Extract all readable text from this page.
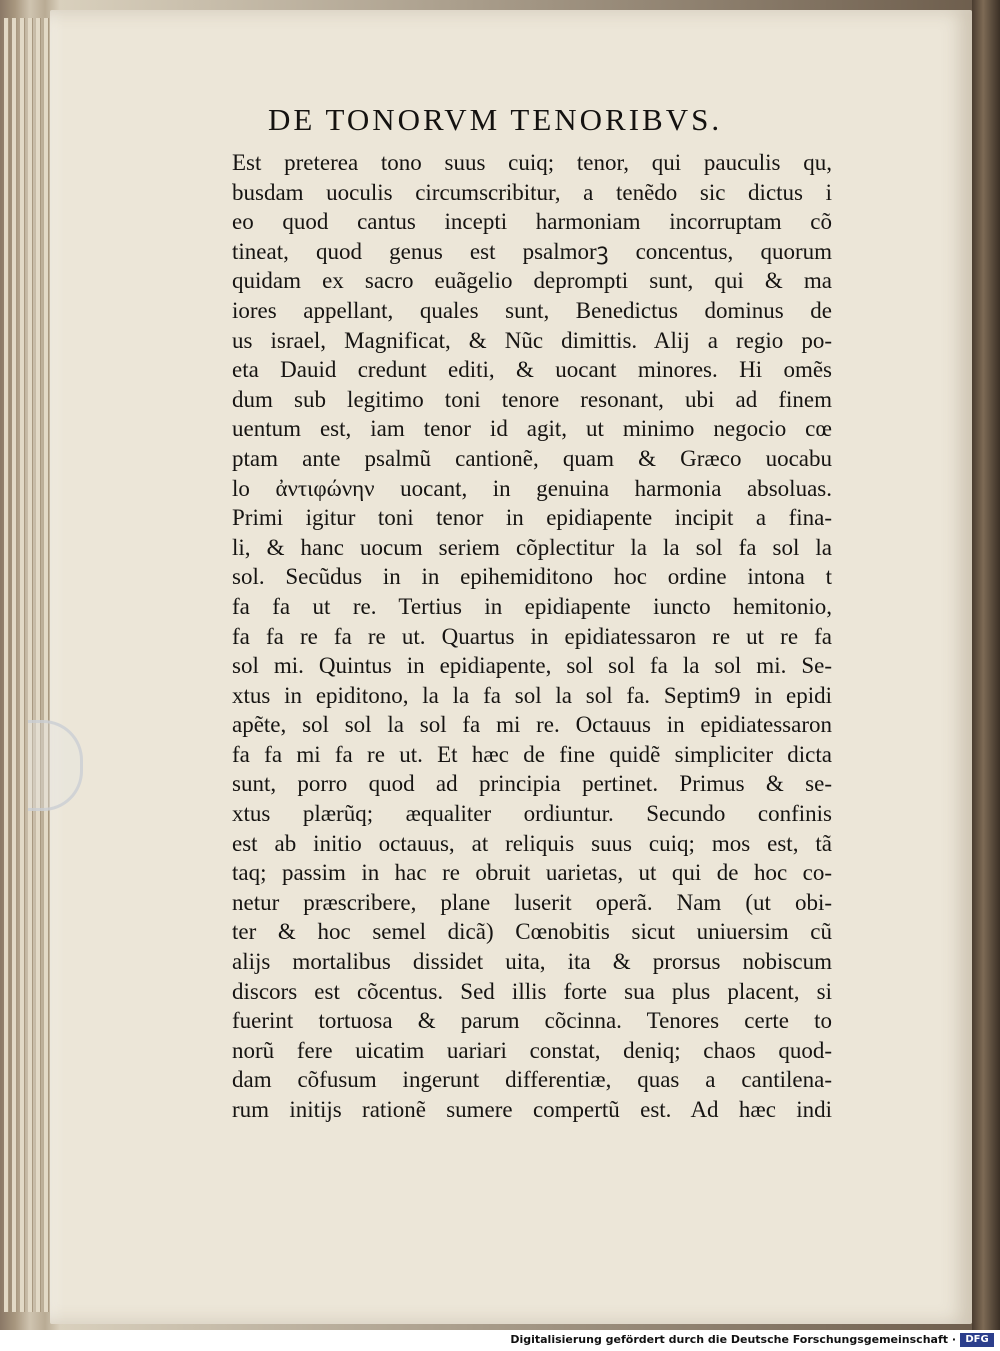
DE TONORVM TENORIBVS.
Est preterea tono suus cuiq; tenor, qui pauculis qu,
busdam uoculis circumscribitur, a tenẽdo sic dictus i
eo quod cantus incepti harmoniam incorruptam cõ
tineat, quod genus est psalmorꝫ concentus, quorum
quidam ex sacro euãgelio deprompti sunt, qui & ma
iores appellant, quales sunt, Benedictus dominus de
us israel, Magnificat, & Nũc dimittis. Alij a regio po-
eta Dauid credunt editi, & uocant minores. Hi omẽs
dum sub legitimo toni tenore resonant, ubi ad finem
uentum est, iam tenor id agit, ut minimo negocio cœ
ptam ante psalmũ cantionẽ, quam & Græco uocabu
lo ἀντιφώνην uocant, in genuina harmonia absoluas.
Primi igitur toni tenor in epidiapente incipit a fina-
li, & hanc uocum seriem cõplectitur la la sol fa sol la
sol. Secũdus in in epihemiditono hoc ordine intona t
fa fa ut re. Tertius in epidiapente iuncto hemitonio,
fa fa re fa re ut. Quartus in epidiatessaron re ut re fa
sol mi. Quintus in epidiapente, sol sol fa la sol mi. Se-
xtus in epiditono, la la fa sol la sol fa. Septim9 in epidi
apẽte, sol sol la sol fa mi re. Octauus in epidiatessaron
fa fa mi fa re ut. Et hæc de fine quidẽ simpliciter dicta
sunt, porro quod ad principia pertinet. Primus & se-
xtus plærũq; æqualiter ordiuntur. Secundo confinis
est ab initio octauus, at reliquis suus cuiq; mos est, tã
taq; passim in hac re obruit uarietas, ut qui de hoc co-
netur præscribere, plane luserit operã. Nam (ut obi-
ter & hoc semel dicã) Cœnobitis sicut uniuersim cũ
alijs mortalibus dissidet uita, ita & prorsus nobiscum
discors est cõcentus. Sed illis forte sua plus placent, si
fuerint tortuosa & parum cõcinna. Tenores certe to
norũ fere uicatim uariari constat, deniq; chaos quod-
dam cõfusum ingerunt differentiæ, quas a cantilena-
rum initijs rationẽ sumere compertũ est. Ad hæc indi
Digitalisierung gefördert durch die Deutsche Forschungsgemeinschaft · DFG
